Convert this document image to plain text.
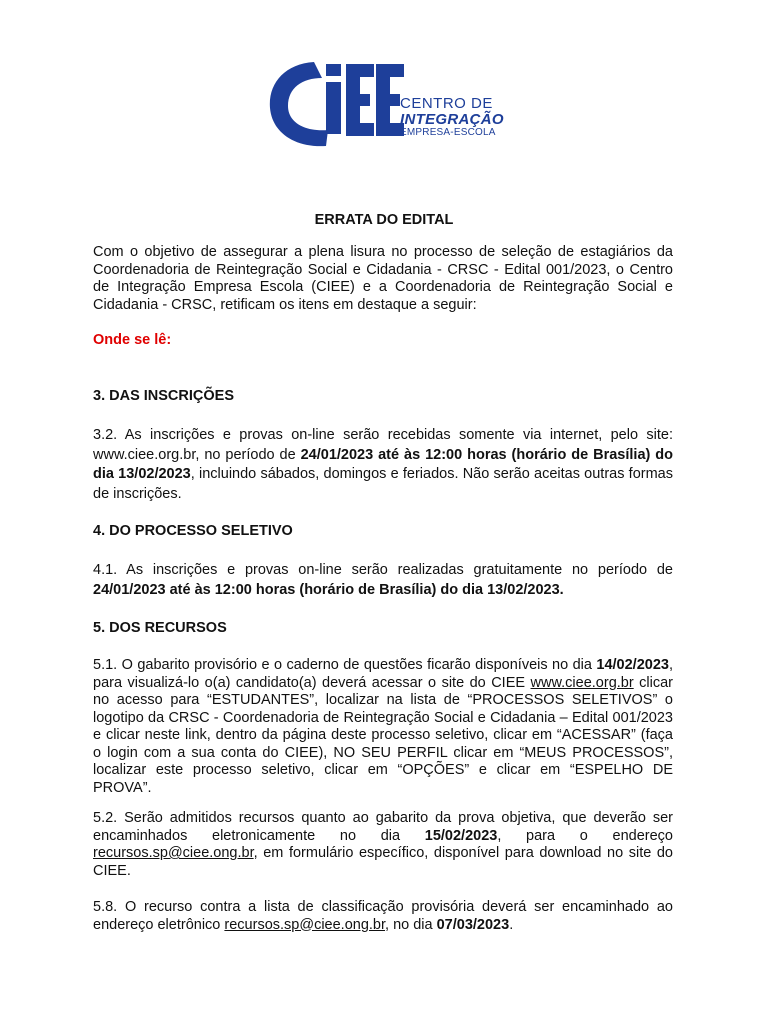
CENTRO DE
INTEGRAÇÃO
EMPRESA-ESCOLA
ERRATA DO EDITAL
Com o objetivo de assegurar a plena lisura no processo de seleção de estagiários da Coordenadoria de Reintegração Social e Cidadania - CRSC - Edital 001/2023, o Centro de Integração Empresa Escola (CIEE) e a Coordenadoria de Reintegração Social e Cidadania - CRSC, retificam os itens em destaque a seguir:
Onde se lê:
3. DAS INSCRIÇÕES
3.2. As inscrições e provas on-line serão recebidas somente via internet, pelo site: www.ciee.org.br, no período de 24/01/2023 até às 12:00 horas (horário de Brasília) do dia 13/02/2023, incluindo sábados, domingos e feriados. Não serão aceitas outras formas de inscrições.
4. DO PROCESSO SELETIVO
4.1. As inscrições e provas on-line serão realizadas gratuitamente no período de 24/01/2023 até às 12:00 horas (horário de Brasília) do dia 13/02/2023.
5. DOS RECURSOS
5.1. O gabarito provisório e o caderno de questões ficarão disponíveis no dia 14/02/2023, para visualizá-lo o(a) candidato(a) deverá acessar o site do CIEE www.ciee.org.br clicar no acesso para “ESTUDANTES”, localizar na lista de “PROCESSOS SELETIVOS” o logotipo da CRSC - Coordenadoria de Reintegração Social e Cidadania – Edital 001/2023 e clicar neste link, dentro da página deste processo seletivo, clicar em “ACESSAR” (faça o login com a sua conta do CIEE), NO SEU PERFIL clicar em “MEUS PROCESSOS”, localizar este processo seletivo, clicar em “OPÇÕES” e clicar em “ESPELHO DE PROVA”.
5.2. Serão admitidos recursos quanto ao gabarito da prova objetiva, que deverão ser encaminhados eletronicamente no dia 15/02/2023, para o endereço recursos.sp@ciee.ong.br, em formulário específico, disponível para download no site do CIEE.
5.8. O recurso contra a lista de classificação provisória deverá ser encaminhado ao endereço eletrônico recursos.sp@ciee.ong.br, no dia 07/03/2023.
